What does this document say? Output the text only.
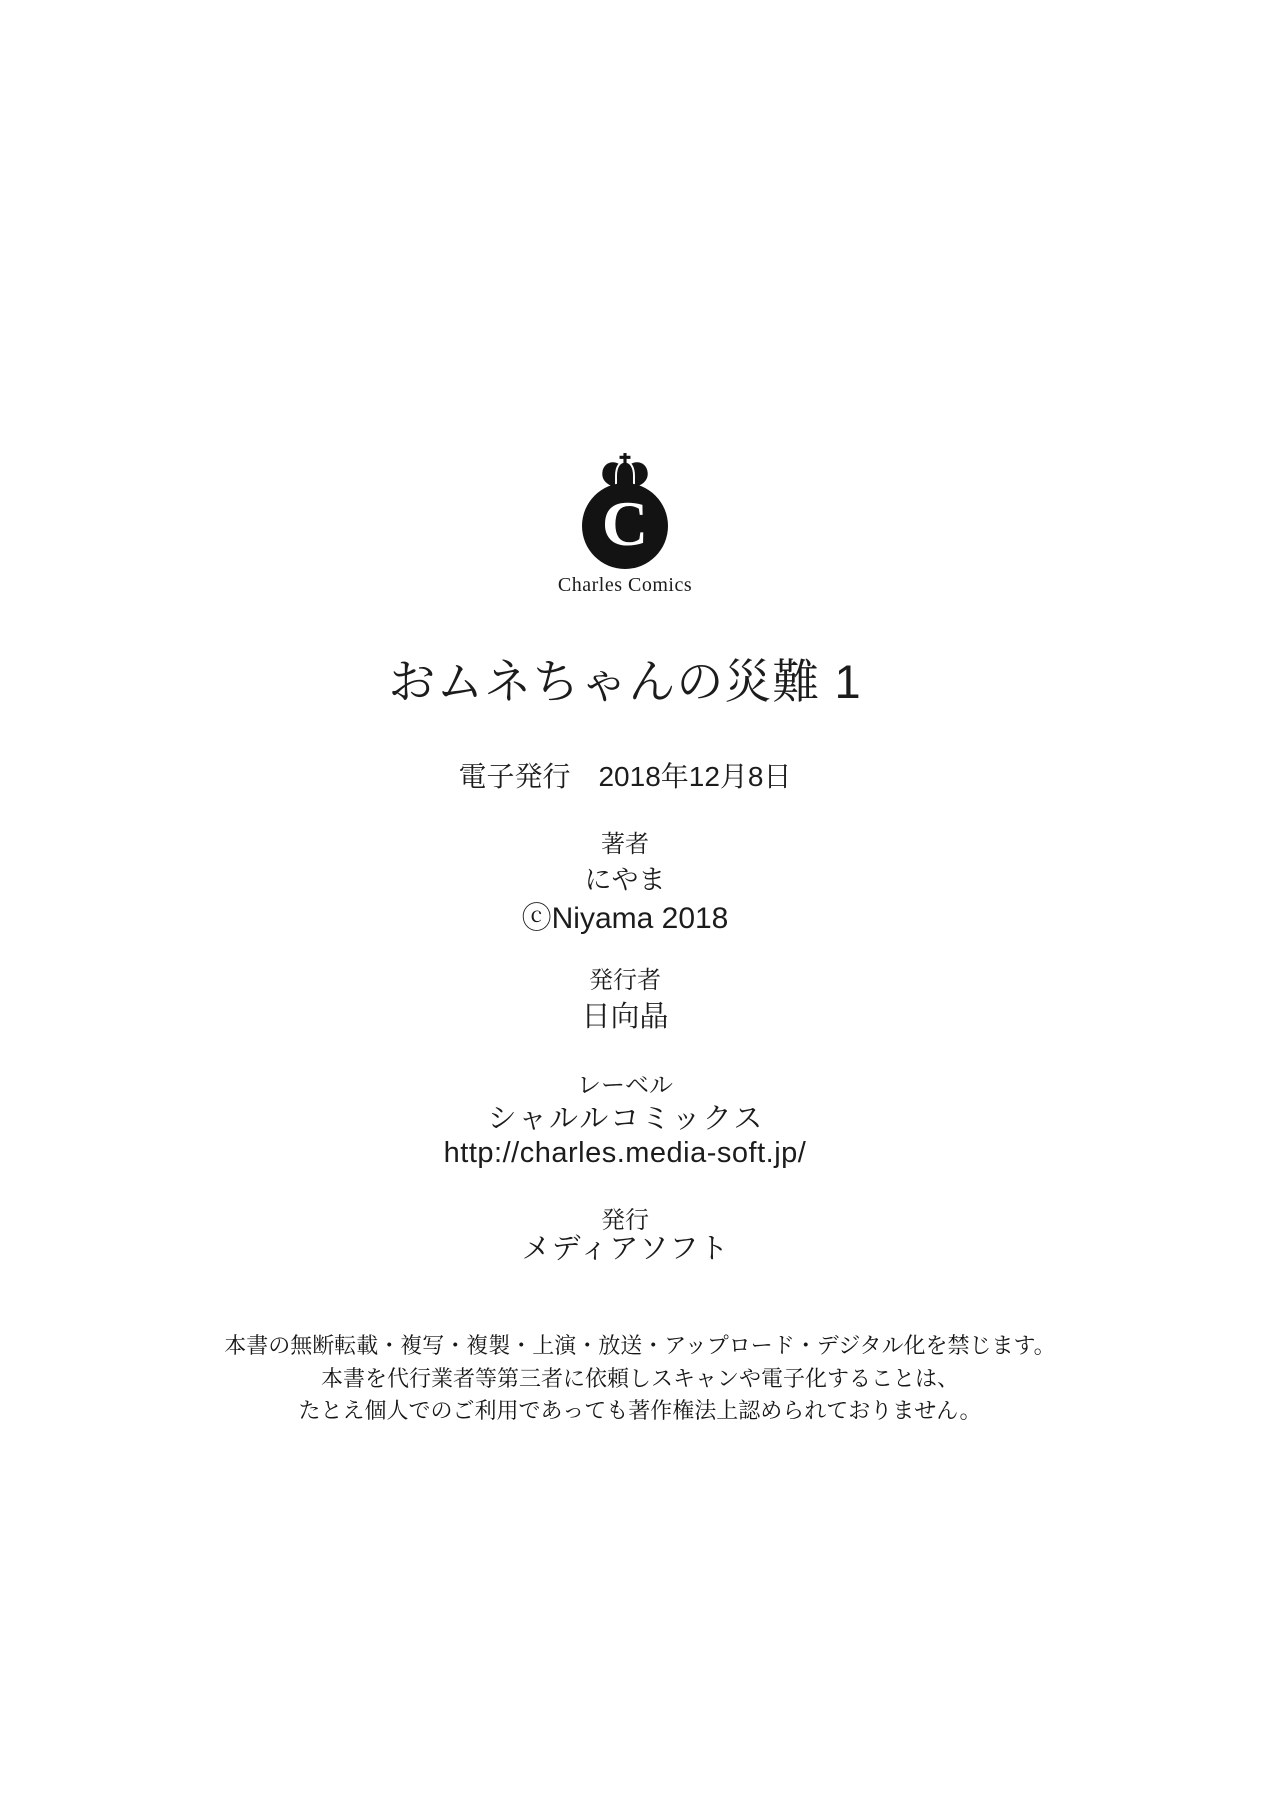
C
Charles Comics
おムネちゃんの災難 1
電子発行　2018年12月8日
著者
にやま
ⓒNiyama 2018
発行者
日向晶
レーベル
シャルルコミックス
http://charles.media-soft.jp/
発行
メディアソフト
本書の無断転載・複写・複製・上演・放送・アップロード・デジタル化を禁じます。
本書を代行業者等第三者に依頼しスキャンや電子化することは、
たとえ個人でのご利用であっても著作権法上認められておりません。
